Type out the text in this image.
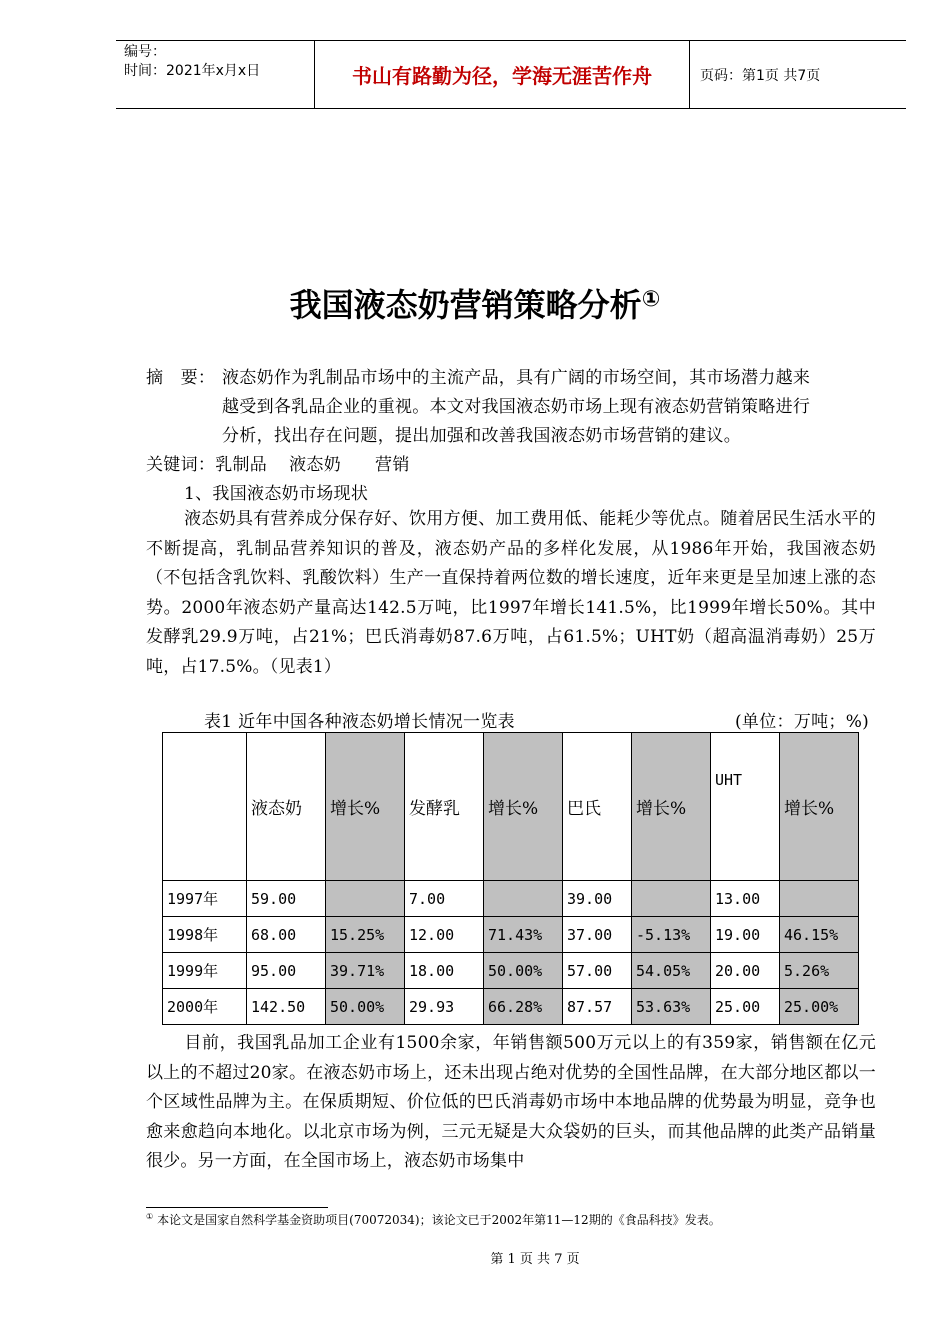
编号：
时间：2021年x月x日	书山有路勤为径，学海无涯苦作舟	页码：第1页 共7页
我国液态奶营销策略分析①
摘　要： 液态奶作为乳制品市场中的主流产品，具有广阔的市场空间，其市场潜力越来
越受到各乳品企业的重视。本文对我国液态奶市场上现有液态奶营销策略进行
分析，找出存在问题，提出加强和改善我国液态奶市场营销的建议。
关键词：乳制品 液态奶 营销
1、我国液态奶市场现状
液态奶具有营养成分保存好、饮用方便、加工费用低、能耗少等优点。随着居民生活水平的不断提高，乳制品营养知识的普及，液态奶产品的多样化发展，从1986年开始，我国液态奶（不包括含乳饮料、乳酸饮料）生产一直保持着两位数的增长速度，近年来更是呈加速上涨的态势。2000年液态奶产量高达142.5万吨，比1997年增长141.5%，比1999年增长50%。其中发酵乳29.9万吨，占21%；巴氏消毒奶87.6万吨，占61.5%；UHT奶（超高温消毒奶）25万吨，占17.5%。（见表1）
表1 近年中国各种液态奶增长情况一览表	(单位：万吨；%)
	液态奶	增长%	发酵乳	增长%	巴氏	增长%	UHT	增长%
1997年	59.00		7.00		39.00		13.00	
1998年	68.00	15.25%	12.00	71.43%	37.00	-5.13%	19.00	46.15%
1999年	95.00	39.71%	18.00	50.00%	57.00	54.05%	20.00	5.26%
2000年	142.50	50.00%	29.93	66.28%	87.57	53.63%	25.00	25.00%
目前，我国乳品加工企业有1500余家，年销售额500万元以上的有359家，销售额在亿元以上的不超过20家。在液态奶市场上，还未出现占绝对优势的全国性品牌，在大部分地区都以一个区域性品牌为主。在保质期短、价位低的巴氏消毒奶市场中本地品牌的优势最为明显，竞争也愈来愈趋向本地化。以北京市场为例，三元无疑是大众袋奶的巨头，而其他品牌的此类产品销量很少。另一方面，在全国市场上，液态奶市场集中
① 本论文是国家自然科学基金资助项目(70072034)；该论文已于2002年第11—12期的《食品科技》发表。
第 1 页 共 7 页
